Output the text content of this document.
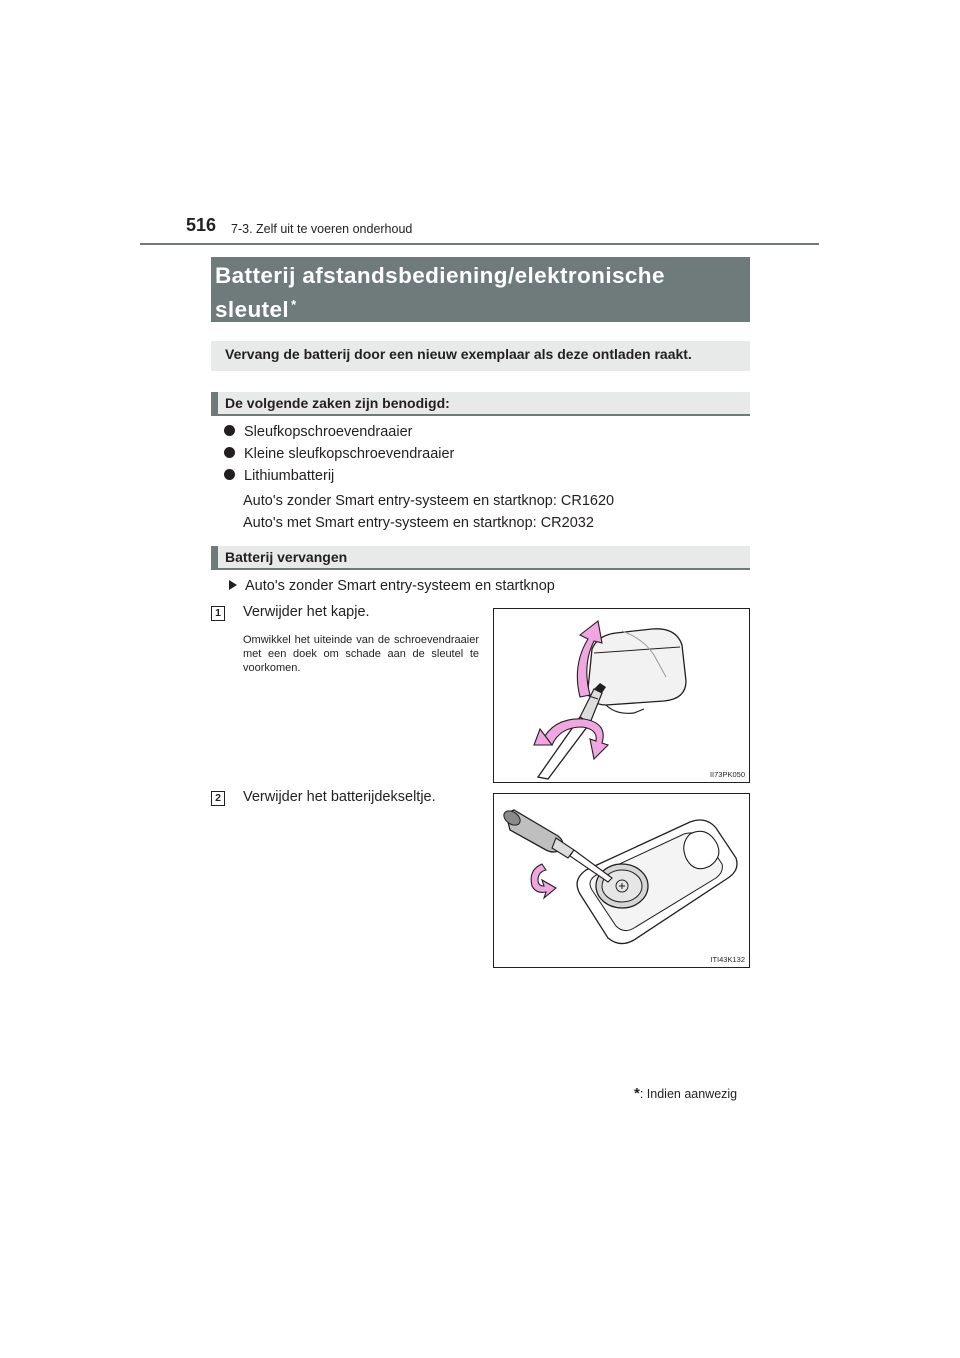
516 7-3. Zelf uit te voeren onderhoud
Batterij afstandsbediening/elektronische
sleutel *
Vervang de batterij door een nieuw exemplaar als deze ontladen raakt.
De volgende zaken zijn benodigd:
Sleufkopschroevendraaier
Kleine sleufkopschroevendraaier
Lithiumbatterij
Auto's zonder Smart entry-systeem en startknop: CR1620
Auto's met Smart entry-systeem en startknop: CR2032
Batterij vervangen
Auto's zonder Smart entry-systeem en startknop
1 Verwijder het kapje.
Omwikkel het uiteinde van de schroevendraaier met een doek om schade aan de sleutel te voorkomen.
II73PK050
2 Verwijder het batterijdekseltje.
ITI43K132
*: Indien aanwezig
